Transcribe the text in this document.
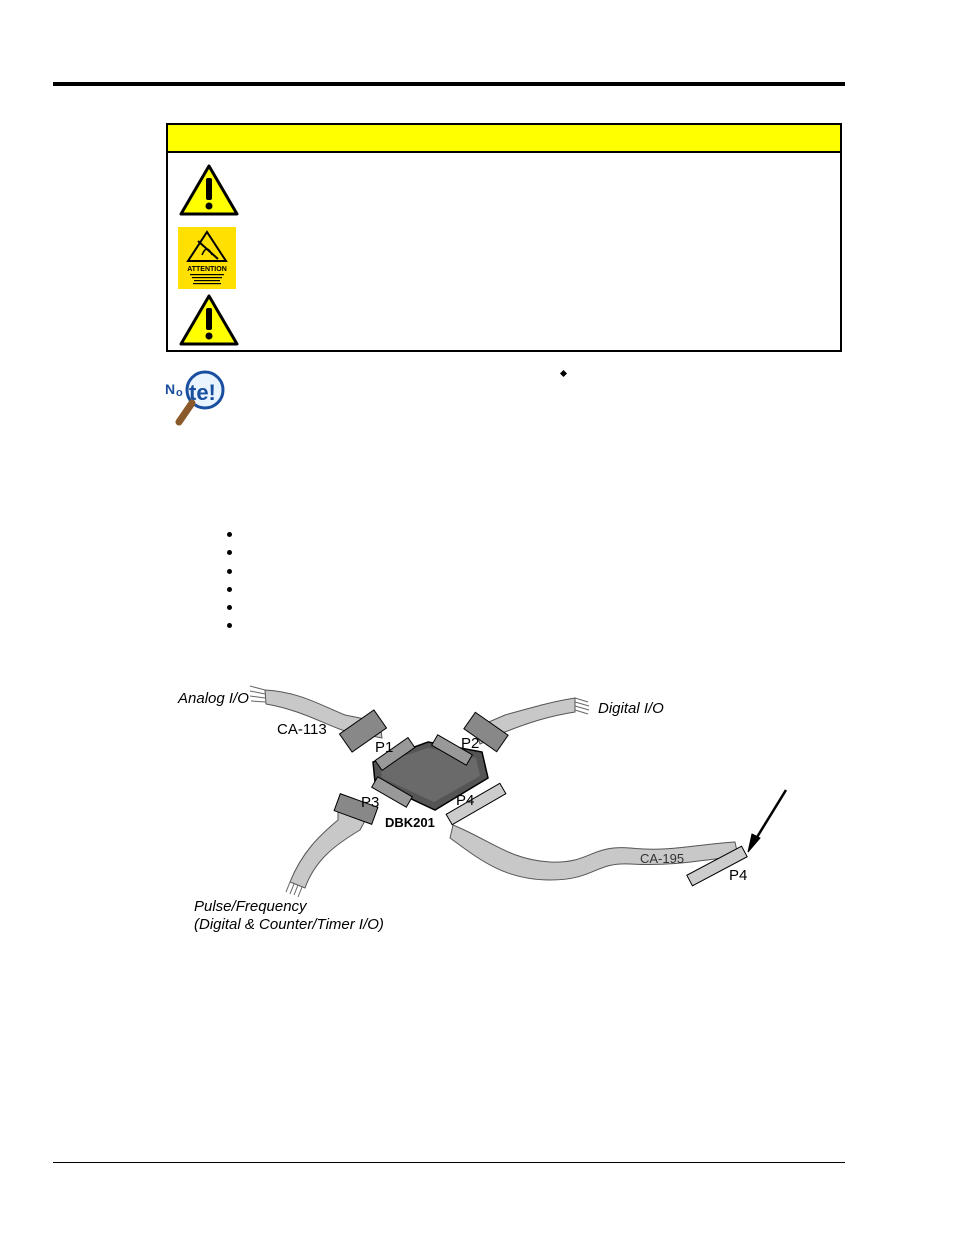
ATTENTION
N o te!
Analog I/O
Digital I/O
CA-113
P1	P2
P3	P4
DBK201
CA-195
P4
Pulse/Frequency
(Digital & Counter/Timer I/O)
